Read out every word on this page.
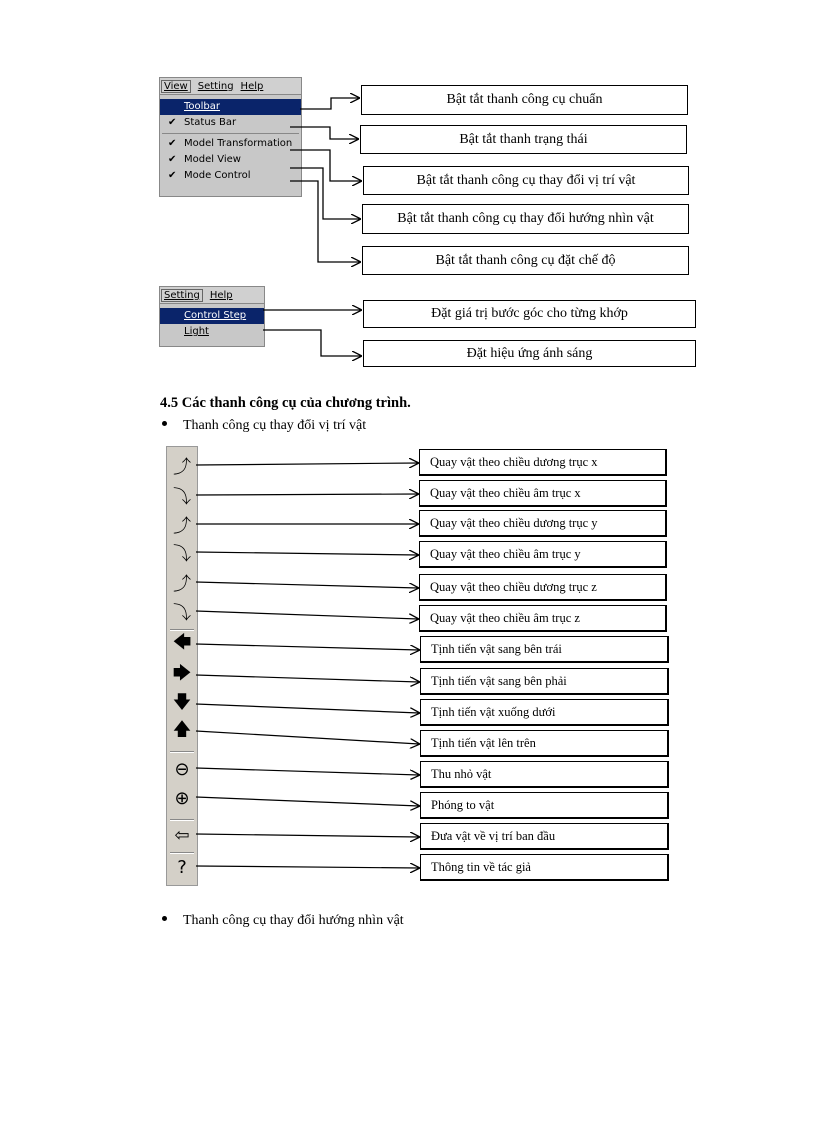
View	Setting Help
Toolbar
✔ Status Bar
✔ Model Transformation
✔ Model View
✔ Mode Control
Bật tắt thanh công cụ chuẩn
Bật tắt thanh trạng thái
Bật tắt thanh công cụ thay đổi vị trí vật
Bật tắt thanh công cụ thay đổi hướng nhìn vật
Bật tắt thanh công cụ đặt chế độ
Setting	Help
Control Step
Light
Đặt giá trị bước góc cho từng khớp
Đặt hiệu ứng ánh sáng
4.5 Các thanh công cụ của chương trình.
Thanh công cụ thay đổi vị trí vật
⤴
⤵
⤴
⤵
⤴
⤵
🡄
🡆
🡇
🡅
⊖
⊕
⇦
?
Quay vật theo chiều dương trục x
Quay vật theo chiều âm trục x
Quay vật theo chiều dương trục y
Quay vật theo chiều âm trục y
Quay vật theo chiều dương trục z
Quay vật theo chiều âm trục z
Tịnh tiến vật sang bên trái
Tịnh tiến vật sang bên phải
Tịnh tiến vật xuống dưới
Tịnh tiến vật lên trên
Thu nhỏ vật
Phóng to vật
Đưa vật về vị trí ban đầu
Thông tin về tác giả
Thanh công cụ thay đổi hướng nhìn vật
